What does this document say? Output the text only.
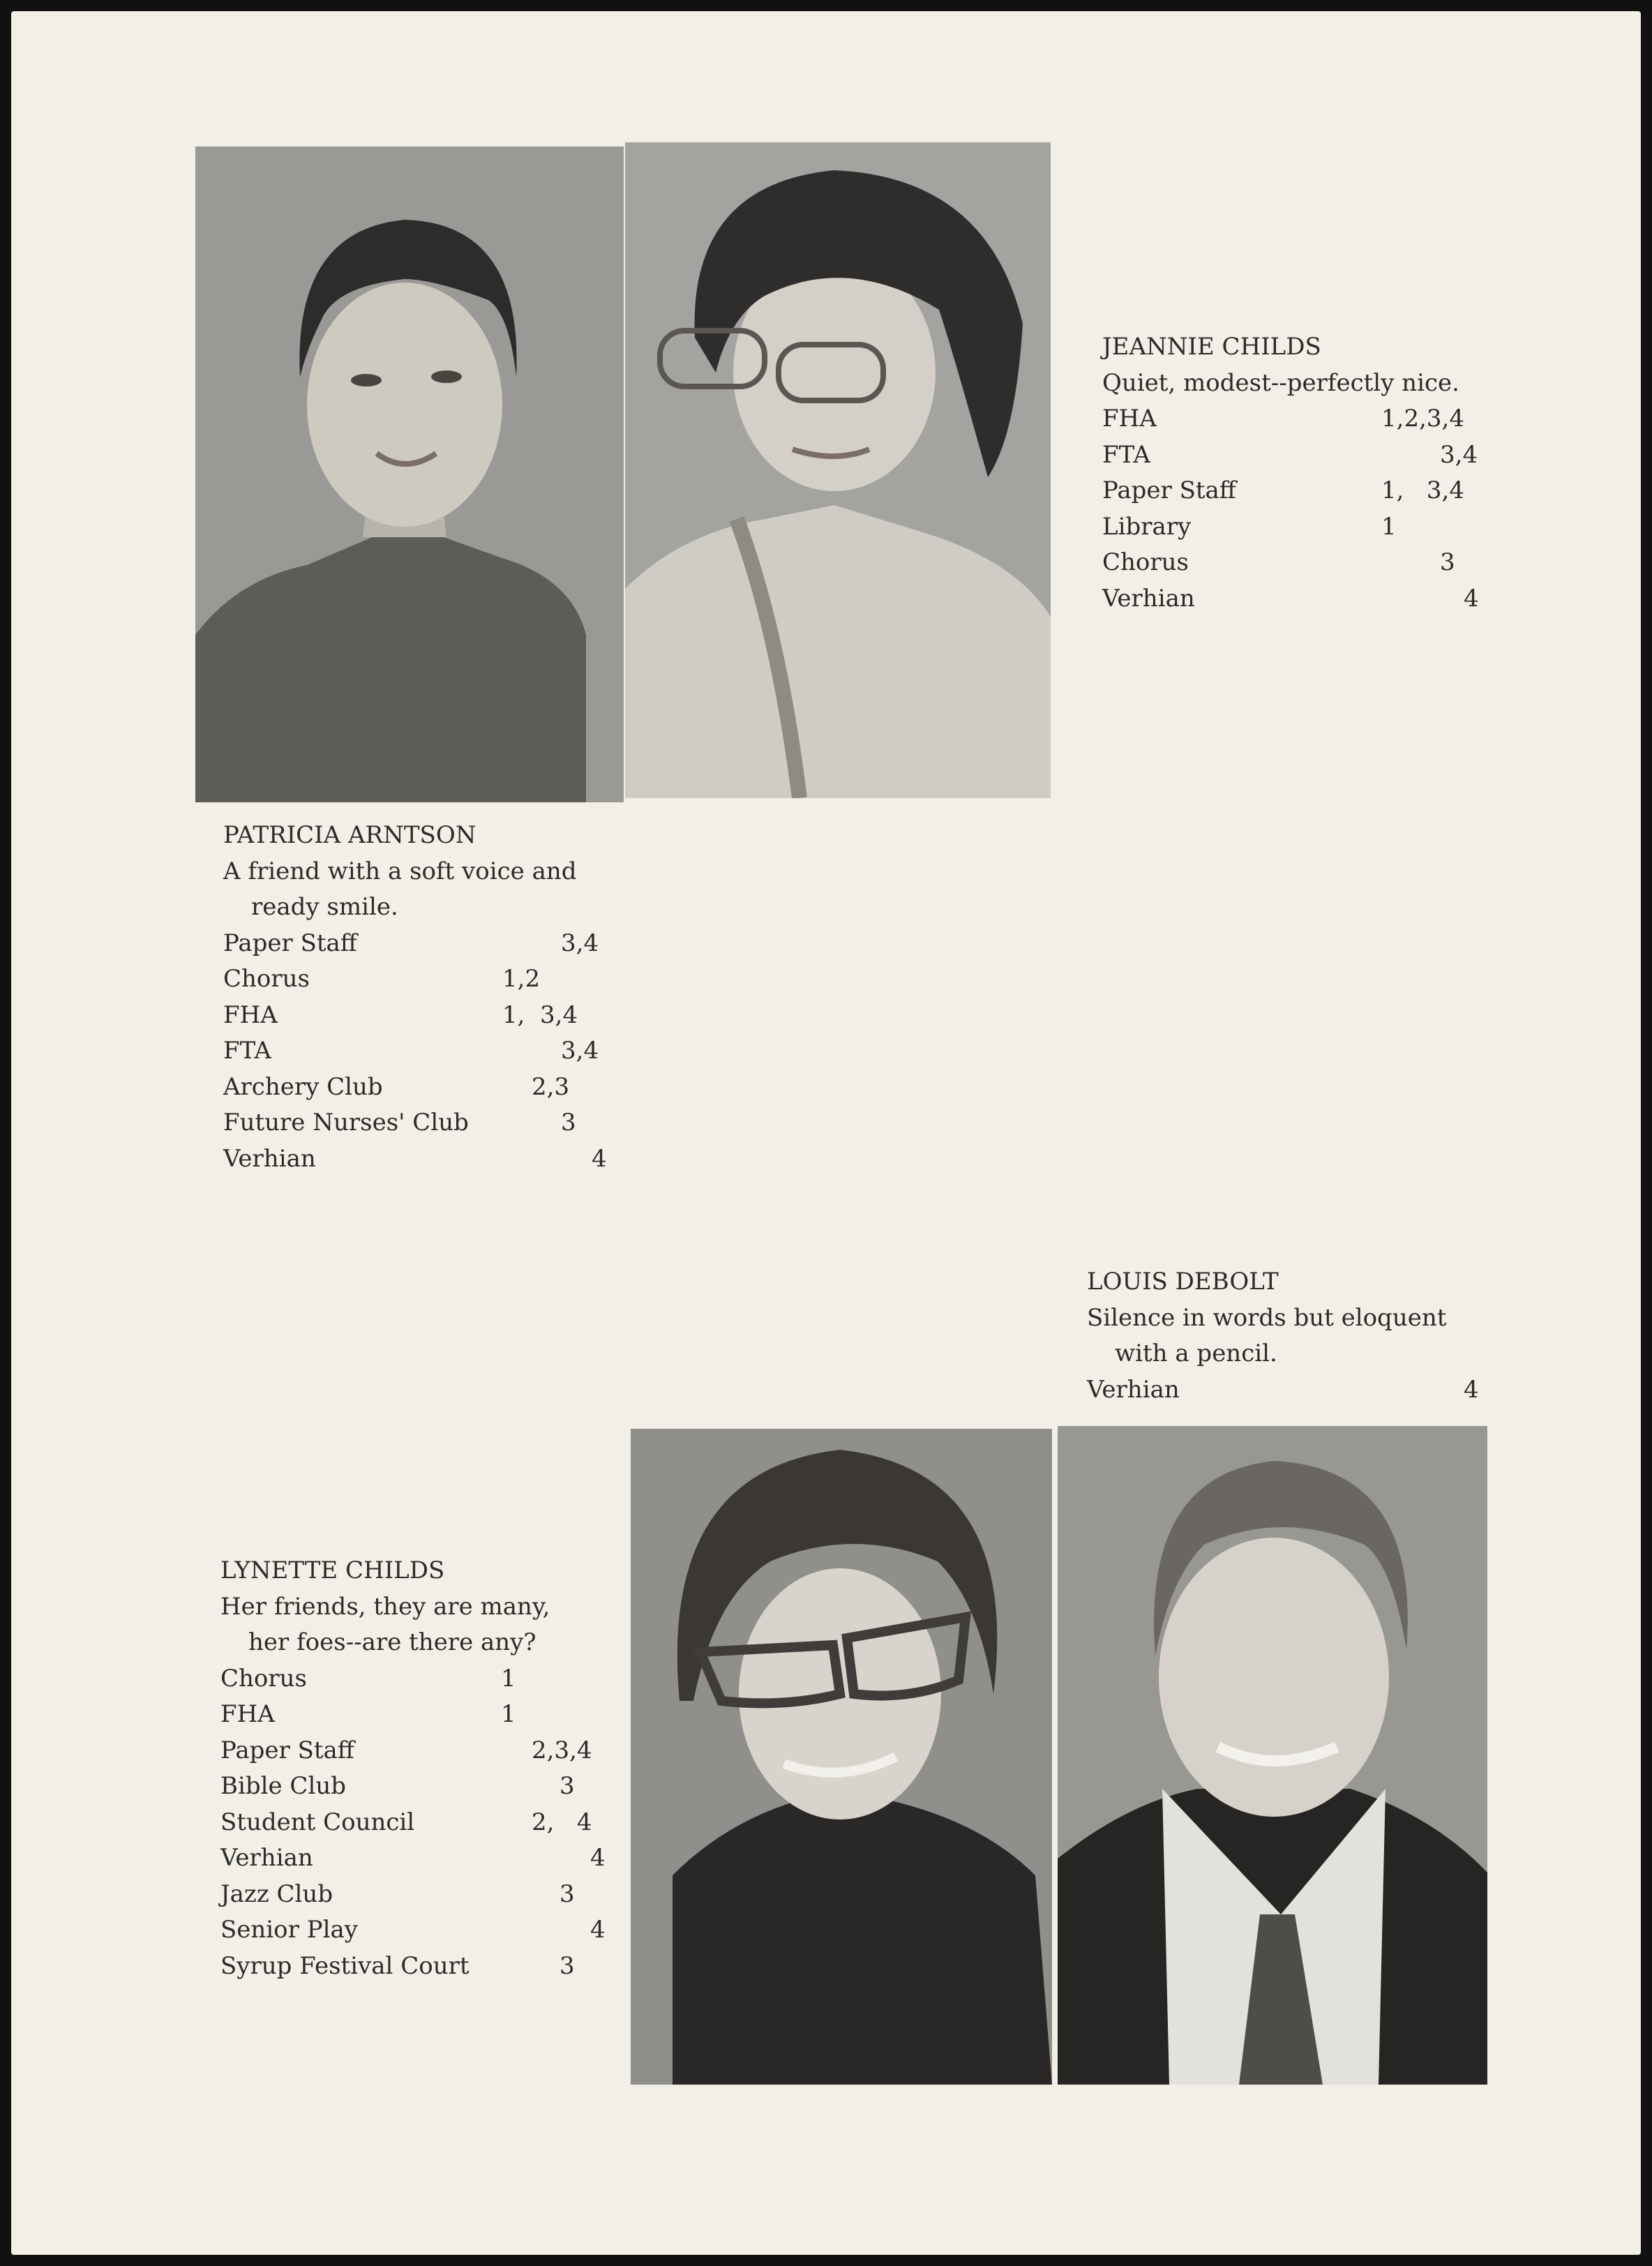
PATRICIA ARNTSON
A friend with a soft voice and
ready smile.
Paper Staff	3,4
Chorus	1,2
FHA	1,  3,4
FTA	3,4
Archery Club	2,3
Future Nurses' Club	3
Verhian	4
JEANNIE CHILDS
Quiet, modest--perfectly nice.
FHA	1,2,3,4
FTA	3,4
Paper Staff	1,   3,4
Library	1
Chorus	3
Verhian	4
LYNETTE CHILDS
Her friends, they are many,
her foes--are there any?
Chorus	1
FHA	1
Paper Staff	2,3,4
Bible Club	3
Student Council	2,   4
Verhian	4
Jazz Club	3
Senior Play	4
Syrup Festival Court	3
LOUIS DEBOLT
Silence in words but eloquent
with a pencil.
Verhian	4
